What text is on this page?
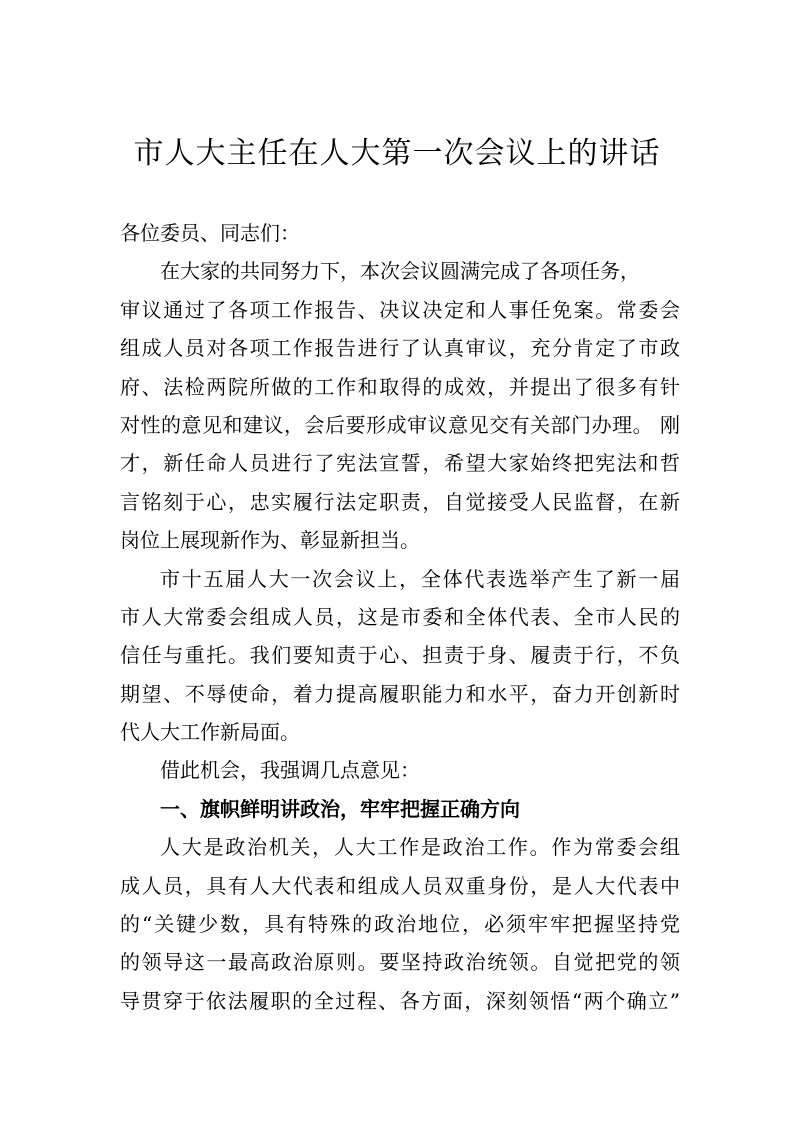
市人大主任在人大第一次会议上的讲话
各位委员、同志们：
在大家的共同努力下，本次会议圆满完成了各项任务，
审议通过了各项工作报告、决议决定和人事任免案。常委会
组成人员对各项工作报告进行了认真审议，充分肯定了市政
府、法检两院所做的工作和取得的成效，并提出了很多有针
对性的意见和建议，会后要形成审议意见交有关部门办理。 刚
才，新任命人员进行了宪法宣誓，希望大家始终把宪法和哲
言铭刻于心，忠实履行法定职责，自觉接受人民监督，在新
岗位上展现新作为、彰显新担当。
市十五届人大一次会议上，全体代表选举产生了新一届
市人大常委会组成人员，这是市委和全体代表、全市人民的
信任与重托。我们要知责于心、担责于身、履责于行，不负
期望、不辱使命，着力提高履职能力和水平，奋力开创新时
代人大工作新局面。
借此机会，我强调几点意见：
一、旗帜鲜明讲政治，牢牢把握正确方向
人大是政治机关，人大工作是政治工作。作为常委会组
成人员，具有人大代表和组成人员双重身份，是人大代表中
的“关键少数，具有特殊的政治地位，必须牢牢把握坚持党
的领导这一最高政治原则。要坚持政治统领。自觉把党的领
导贯穿于依法履职的全过程、各方面，深刻领悟“两个确立”
